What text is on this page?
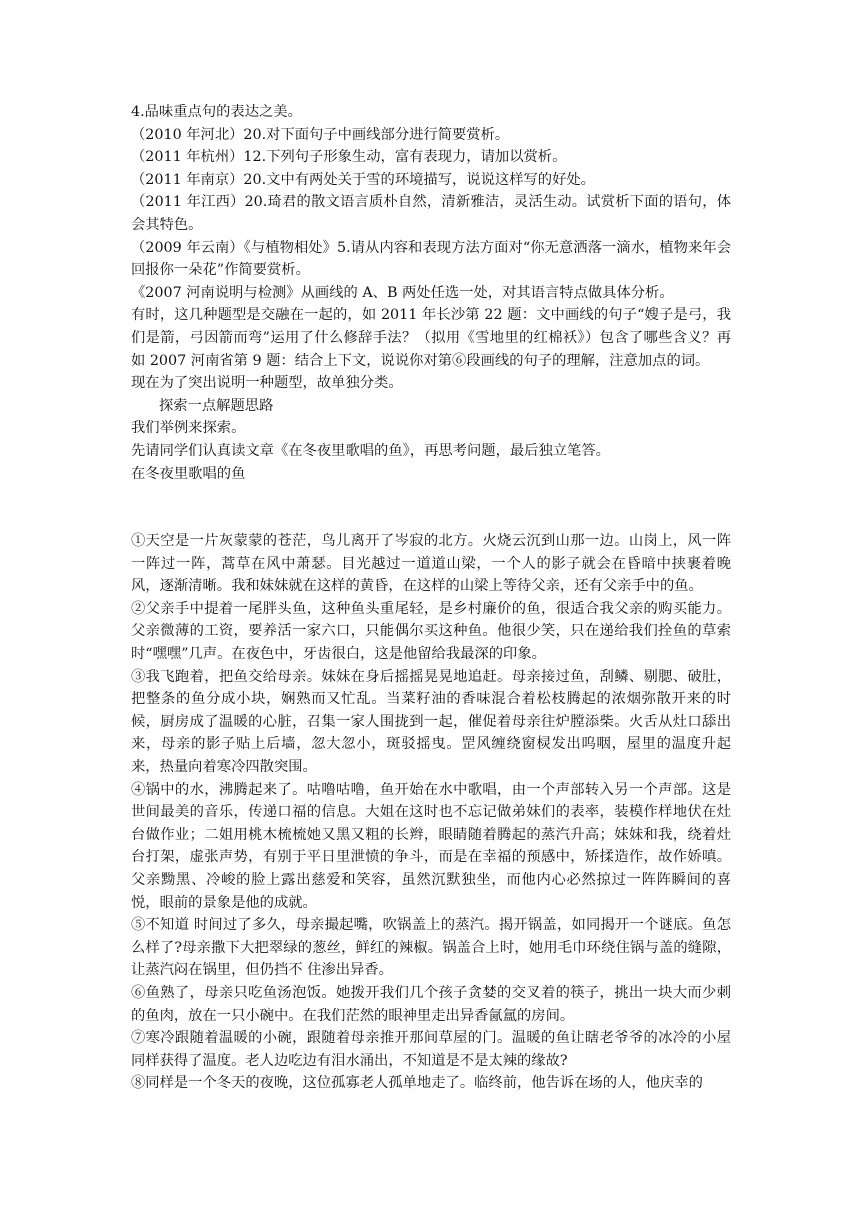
4.品味重点句的表达之美。

（2010 年河北）20.对下面句子中画线部分进行简要赏析。

（2011 年杭州）12.下列句子形象生动，富有表现力，请加以赏析。

（2011 年南京）20.文中有两处关于雪的环境描写，说说这样写的好处。

（2011 年江西）20.琦君的散文语言质朴自然，清新雅洁，灵活生动。试赏析下面的语句，体会其特色。

（2009 年云南）《与植物相处》5.请从内容和表现方法方面对“你无意洒落一滴水，植物来年会回报你一朵花”作简要赏析。

《2007 河南说明与检测》从画线的 A、B 两处任选一处，对其语言特点做具体分析。

有时，这几种题型是交融在一起的，如 2011 年长沙第 22 题：文中画线的句子“嫂子是弓，我们是箭，弓因箭而弯”运用了什么修辞手法？（拟用《雪地里的红棉袄》）包含了哪些含义？再如 2007 河南省第 9 题：结合上下文，说说你对第⑥段画线的句子的理解，注意加点的词。

现在为了突出说明一种题型，故单独分类。

探索一点解题思路

我们举例来探索。

先请同学们认真读文章《在冬夜里歌唱的鱼》，再思考问题，最后独立笔答。

在冬夜里歌唱的鱼

①天空是一片灰蒙蒙的苍茫，鸟儿离开了岑寂的北方。火烧云沉到山那一边。山岗上，风一阵一阵过一阵，蒿草在风中萧瑟。目光越过一道道山梁，一个人的影子就会在昏暗中挟裹着晚风，逐渐清晰。我和妹妹就在这样的黄昏，在这样的山梁上等待父亲，还有父亲手中的鱼。

②父亲手中提着一尾胖头鱼，这种鱼头重尾轻，是乡村廉价的鱼，很适合我父亲的购买能力。父亲微薄的工资，要养活一家六口，只能偶尔买这种鱼。他很少笑，只在递给我们拴鱼的草索时“嘿嘿”几声。在夜色中，牙齿很白，这是他留给我最深的印象。

③我飞跑着，把鱼交给母亲。妹妹在身后摇摇晃晃地追赶。母亲接过鱼，刮鳞、剔腮、破肚，把整条的鱼分成小块，娴熟而又忙乱。当菜籽油的香味混合着松枝腾起的浓烟弥散开来的时候，厨房成了温暖的心脏，召集一家人围拢到一起，催促着母亲往炉膛添柴。火舌从灶口舔出来，母亲的影子贴上后墙，忽大忽小，斑驳摇曳。罡风缠绕窗棂发出呜咽，屋里的温度升起来，热量向着寒冷四散突围。

④锅中的水，沸腾起来了。咕噜咕噜，鱼开始在水中歌唱，由一个声部转入另一个声部。这是世间最美的音乐，传递口福的信息。大姐在这时也不忘记做弟妹们的表率，装模作样地伏在灶台做作业；二姐用桃木梳梳她又黑又粗的长辫，眼睛随着腾起的蒸汽升高；妹妹和我，绕着灶台打架，虚张声势，有别于平日里泄愤的争斗，而是在幸福的预感中，矫揉造作，故作娇嗔。父亲黝黑、冷峻的脸上露出慈爱和笑容，虽然沉默独坐，而他内心必然掠过一阵阵瞬间的喜悦，眼前的景象是他的成就。

⑤不知道 时间过了多久，母亲撮起嘴，吹锅盖上的蒸汽。揭开锅盖，如同揭开一个谜底。鱼怎么样了?母亲撒下大把翠绿的葱丝，鲜红的辣椒。锅盖合上时，她用毛巾环绕住锅与盖的缝隙，让蒸汽闷在锅里，但仍挡不 住渗出异香。

⑥鱼熟了，母亲只吃鱼汤泡饭。她拨开我们几个孩子贪婪的交叉着的筷子，挑出一块大而少刺的鱼肉，放在一只小碗中。在我们茫然的眼神里走出异香氤氲的房间。

⑦寒冷跟随着温暖的小碗，跟随着母亲推开那间草屋的门。温暖的鱼让瞎老爷爷的冰冷的小屋同样获得了温度。老人边吃边有泪水涌出，不知道是不是太辣的缘故?

⑧同样是一个冬天的夜晚，这位孤寡老人孤单地走了。临终前，他告诉在场的人，他庆幸的
